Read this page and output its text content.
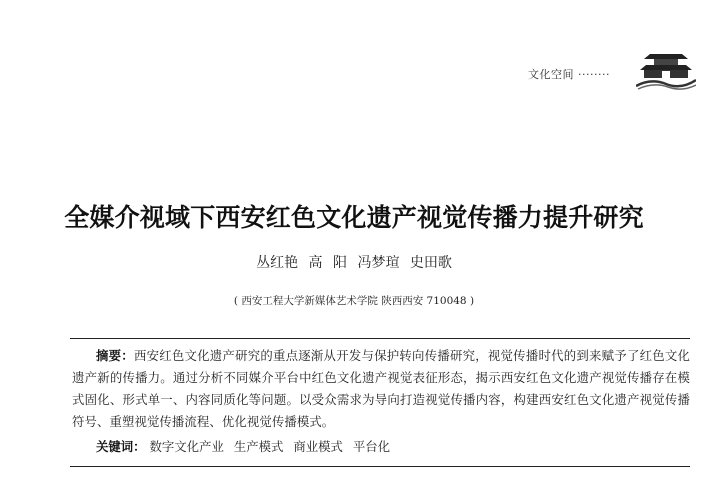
文化空间 ········
全媒介视域下西安红色文化遗产视觉传播力提升研究
丛红艳 高 阳 冯梦瑄 史田歌
( 西安工程大学新媒体艺术学院 陕西西安 710048 )
摘要：西安红色文化遗产研究的重点逐渐从开发与保护转向传播研究，视觉传播时代的到来赋予了红色文化遗产新的传播力。通过分析不同媒介平台中红色文化遗产视觉表征形态，揭示西安红色文化遗产视觉传播存在模式固化、形式单一、内容同质化等问题。以受众需求为导向打造视觉传播内容，构建西安红色文化遗产视觉传播符号、重塑视觉传播流程、优化视觉传播模式。
关键词： 数字文化产业 生产模式 商业模式 平台化
